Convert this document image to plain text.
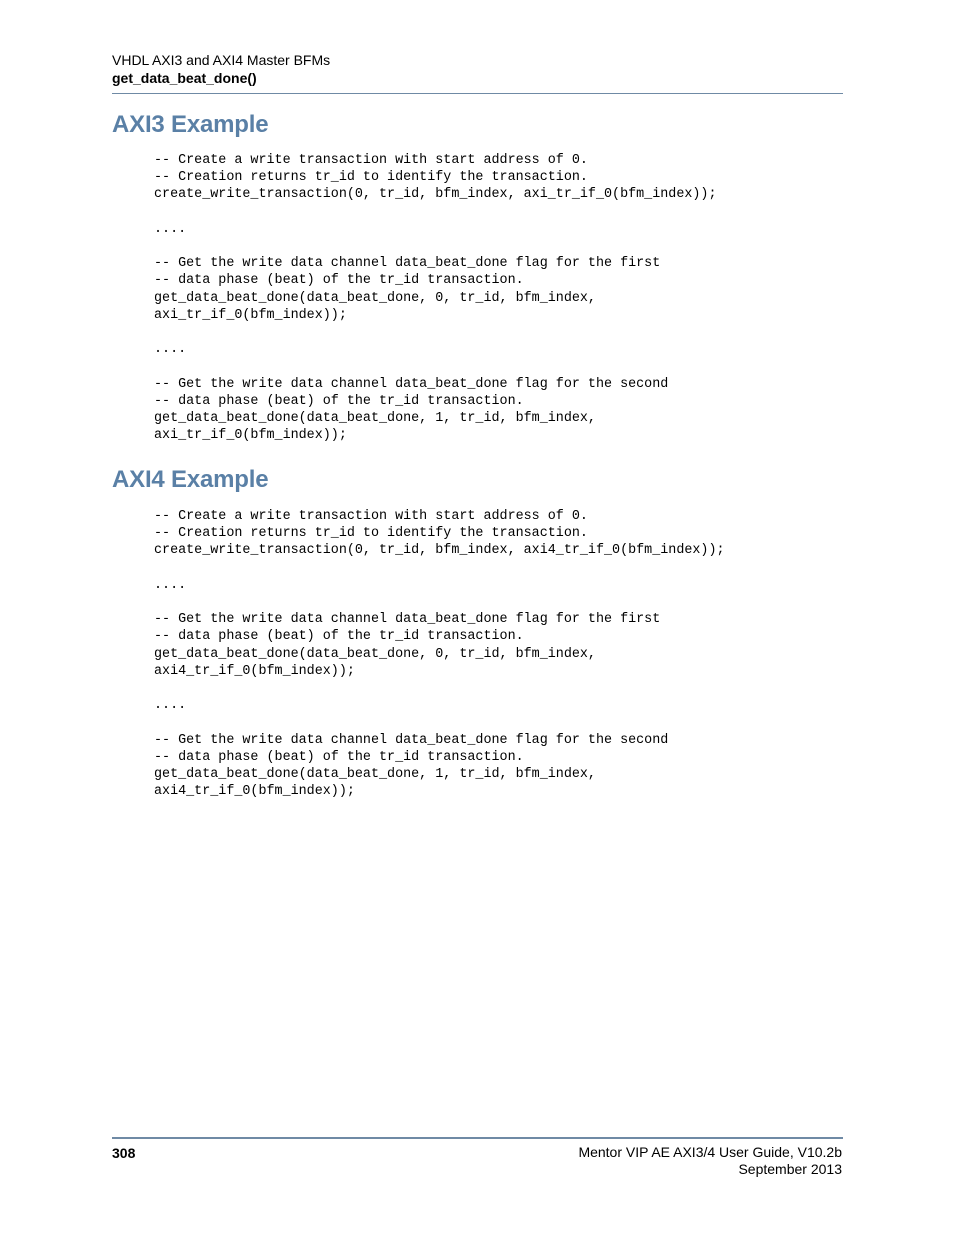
VHDL AXI3 and AXI4 Master BFMs
get_data_beat_done()
AXI3 Example
-- Create a write transaction with start address of 0.
-- Creation returns tr_id to identify the transaction.
create_write_transaction(0, tr_id, bfm_index, axi_tr_if_0(bfm_index));

....

-- Get the write data channel data_beat_done flag for the first
-- data phase (beat) of the tr_id transaction.
get_data_beat_done(data_beat_done, 0, tr_id, bfm_index,
axi_tr_if_0(bfm_index));

....

-- Get the write data channel data_beat_done flag for the second
-- data phase (beat) of the tr_id transaction.
get_data_beat_done(data_beat_done, 1, tr_id, bfm_index,
axi_tr_if_0(bfm_index));
AXI4 Example
-- Create a write transaction with start address of 0.
-- Creation returns tr_id to identify the transaction.
create_write_transaction(0, tr_id, bfm_index, axi4_tr_if_0(bfm_index));

....

-- Get the write data channel data_beat_done flag for the first
-- data phase (beat) of the tr_id transaction.
get_data_beat_done(data_beat_done, 0, tr_id, bfm_index,
axi4_tr_if_0(bfm_index));

....

-- Get the write data channel data_beat_done flag for the second
-- data phase (beat) of the tr_id transaction.
get_data_beat_done(data_beat_done, 1, tr_id, bfm_index,
axi4_tr_if_0(bfm_index));
308	Mentor VIP AE AXI3/4 User Guide, V10.2b
September 2013
